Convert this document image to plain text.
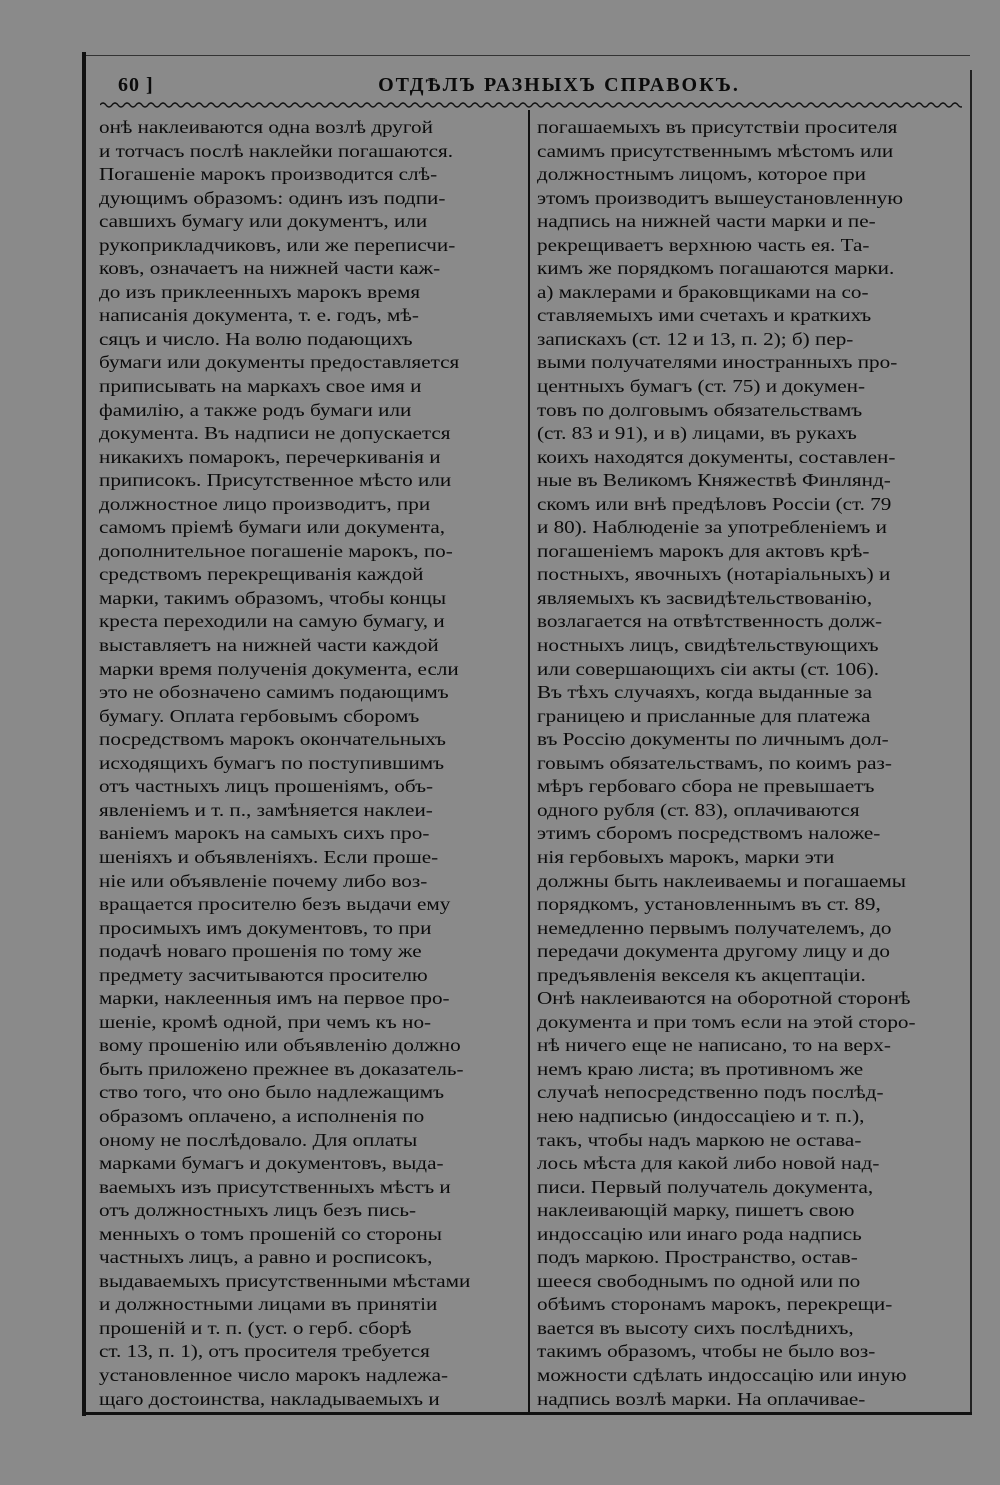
60 ]	ОТДѢЛЪ РАЗНЫХЪ СПРАВОКЪ.
онѣ наклеиваются одна возлѣ другой
и тотчасъ послѣ наклейки погашаются.
Погашеніе марокъ производится слѣ-
дующимъ образомъ: одинъ изъ подпи-
савшихъ бумагу или документъ, или
рукоприкладчиковъ, или же переписчи-
ковъ, означаетъ на нижней части каж-
до изъ приклеенныхъ марокъ время
написанія документа, т. е. годъ, мѣ-
сяцъ и число. На волю подающихъ
бумаги или документы предоставляется
приписывать на маркахъ свое имя и
фамилію, а также родъ бумаги или
документа. Въ надписи не допускается
никакихъ помарокъ, перечеркиванія и
приписокъ. Присутственное мѣсто или
должностное лицо производитъ, при
самомъ пріемѣ бумаги или документа,
дополнительное погашеніе марокъ, по-
средствомъ перекрещиванія каждой
марки, такимъ образомъ, чтобы концы
креста переходили на самую бумагу, и
выставляетъ на нижней части каждой
марки время полученія документа, если
это не обозначено самимъ подающимъ
бумагу. Оплата гербовымъ сборомъ
посредствомъ марокъ окончательныхъ
исходящихъ бумагъ по поступившимъ
отъ частныхъ лицъ прошеніямъ, объ-
явленіемъ и т. п., замѣняется наклеи-
ваніемъ марокъ на самыхъ сихъ про-
шеніяхъ и объявленіяхъ. Если проше-
ніе или объявленіе почему либо воз-
вращается просителю безъ выдачи ему
просимыхъ имъ документовъ, то при
подачѣ новаго прошенія по тому же
предмету засчитываются просителю
марки, наклеенныя имъ на первое про-
шеніе, кромѣ одной, при чемъ къ но-
вому прошенію или объявленію должно
быть приложено прежнее въ доказатель-
ство того, что оно было надлежащимъ
образомъ оплачено, а исполненія по
оному не послѣдовало. Для оплаты
марками бумагъ и документовъ, выда-
ваемыхъ изъ присутственныхъ мѣстъ и
отъ должностныхъ лицъ безъ пись-
менныхъ о томъ прошеній со стороны
частныхъ лицъ, а равно и росписокъ,
выдаваемыхъ присутственными мѣстами
и должностными лицами въ принятіи
прошеній и т. п. (уст. о герб. сборѣ
ст. 13, п. 1), отъ просителя требуется
установленное число марокъ надлежа-
щаго достоинства, накладываемыхъ и
погашаемыхъ въ присутствіи просителя
самимъ присутственнымъ мѣстомъ или
должностнымъ лицомъ, которое при
этомъ производитъ вышеустановленную
надпись на нижней части марки и пе-
рекрещиваетъ верхнюю часть ея. Та-
кимъ же порядкомъ погашаются марки.
а) маклерами и браковщиками на со-
ставляемыхъ ими счетахъ и краткихъ
запискахъ (ст. 12 и 13, п. 2); б) пер-
выми получателями иностранныхъ про-
центныхъ бумагъ (ст. 75) и докумен-
товъ по долговымъ обязательствамъ
(ст. 83 и 91), и в) лицами, въ рукахъ
коихъ находятся документы, составлен-
ные въ Великомъ Княжествѣ Финлянд-
скомъ или внѣ предѣловъ Россіи (ст. 79
и 80). Наблюденіе за употребленіемъ и
погашеніемъ марокъ для актовъ крѣ-
постныхъ, явочныхъ (нотаріальныхъ) и
являемыхъ къ засвидѣтельствованію,
возлагается на отвѣтственность долж-
ностныхъ лицъ, свидѣтельствующихъ
или совершающихъ сіи акты (ст. 106).
Въ тѣхъ случаяхъ, когда выданные за
границею и присланные для платежа
въ Россію документы по личнымъ дол-
говымъ обязательствамъ, по коимъ раз-
мѣръ гербоваго сбора не превышаетъ
одного рубля (ст. 83), оплачиваются
этимъ сборомъ посредствомъ наложе-
нія гербовыхъ марокъ, марки эти
должны быть наклеиваемы и погашаемы
порядкомъ, установленнымъ въ ст. 89,
немедленно первымъ получателемъ, до
передачи документа другому лицу и до
предъявленія векселя къ акцептаціи.
Онѣ наклеиваются на оборотной сторонѣ
документа и при томъ если на этой сторо-
нѣ ничего еще не написано, то на верх-
немъ краю листа; въ противномъ же
случаѣ непосредственно подъ послѣд-
нею надписью (индоссаціею и т. п.),
такъ, чтобы надъ маркою не остава-
лось мѣста для какой либо новой над-
писи. Первый получатель документа,
наклеивающій марку, пишетъ свою
индоссацію или инаго рода надпись
подъ маркою. Пространство, остав-
шееся свободнымъ по одной или по
обѣимъ сторонамъ марокъ, перекрещи-
вается въ высоту сихъ послѣднихъ,
такимъ образомъ, чтобы не было воз-
можности сдѣлать индоссацію или иную
надпись возлѣ марки. На оплачивае-
